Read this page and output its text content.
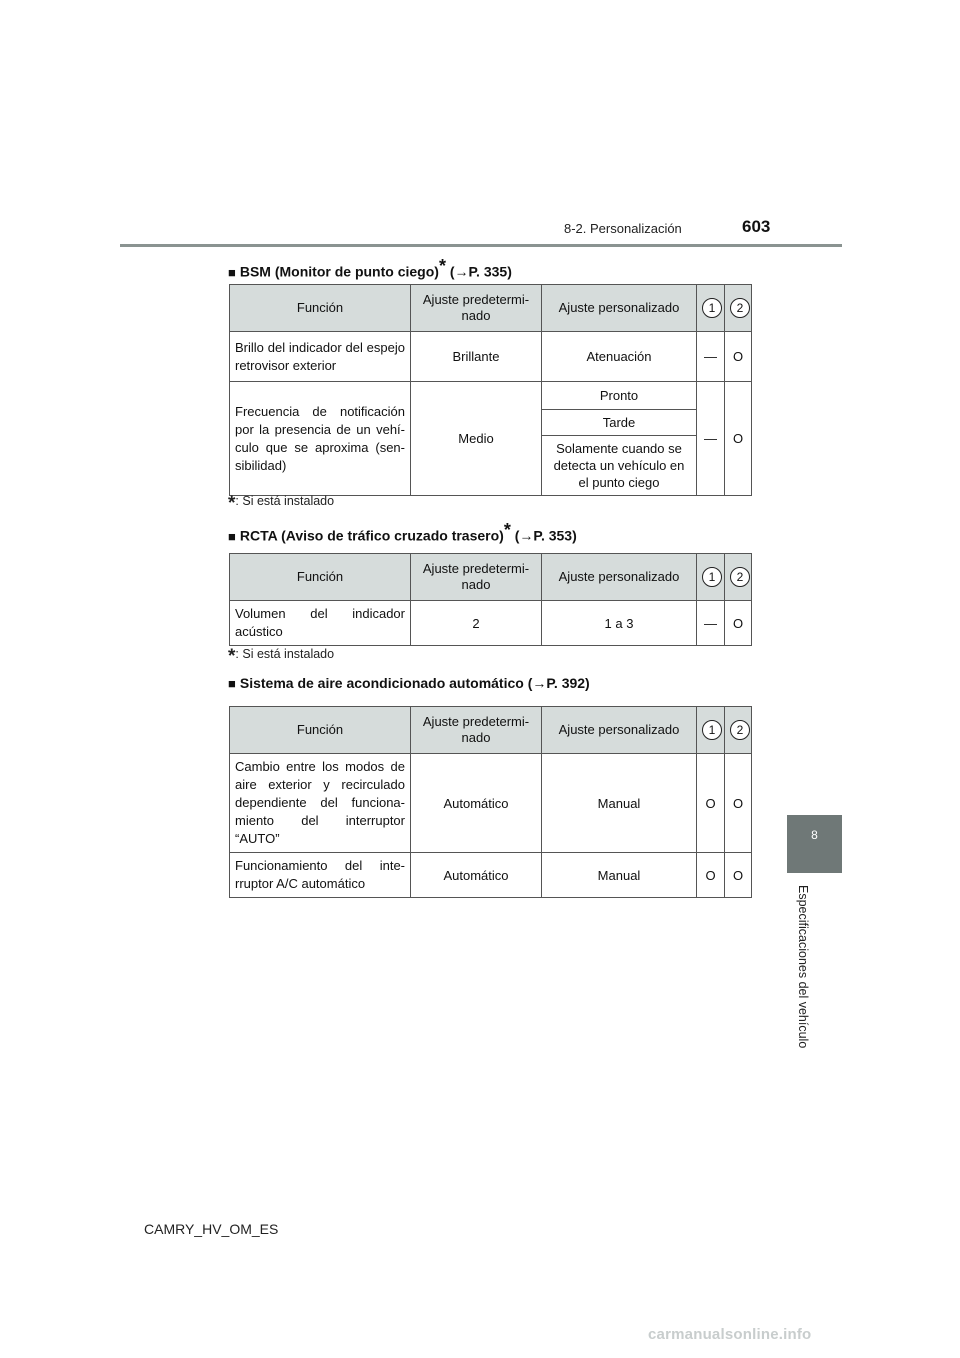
8-2. Personalización	603
8
Especificaciones del vehículo
■ BSM (Monitor de punto ciego)* (→P. 335)
Función	Ajuste predetermi-nado	Ajuste personalizado	1	2
Brillo del indicador del espejo retrovisor exterior	Brillante	Atenuación	—	O
Frecuencia de notificación por la presencia de un vehí-culo que se aproxima (sen-sibilidad)	Medio	Pronto	—	O
		Tarde		
		Solamente cuando se detecta un vehículo en el punto ciego		
*: Si está instalado
■ RCTA (Aviso de tráfico cruzado trasero)* (→P. 353)
Función	Ajuste predetermi-nado	Ajuste personalizado	1	2
Volumen del indicador acústico	2	1 a 3	—	O
*: Si está instalado
■ Sistema de aire acondicionado automático (→P. 392)
Función	Ajuste predetermi-nado	Ajuste personalizado	1	2
Cambio entre los modos de aire exterior y recirculado dependiente del funciona-miento del interruptor “AUTO”	Automático	Manual	O	O
Funcionamiento del inte-rruptor A/C automático	Automático	Manual	O	O
CAMRY_HV_OM_ES
carmanualsonline.info
